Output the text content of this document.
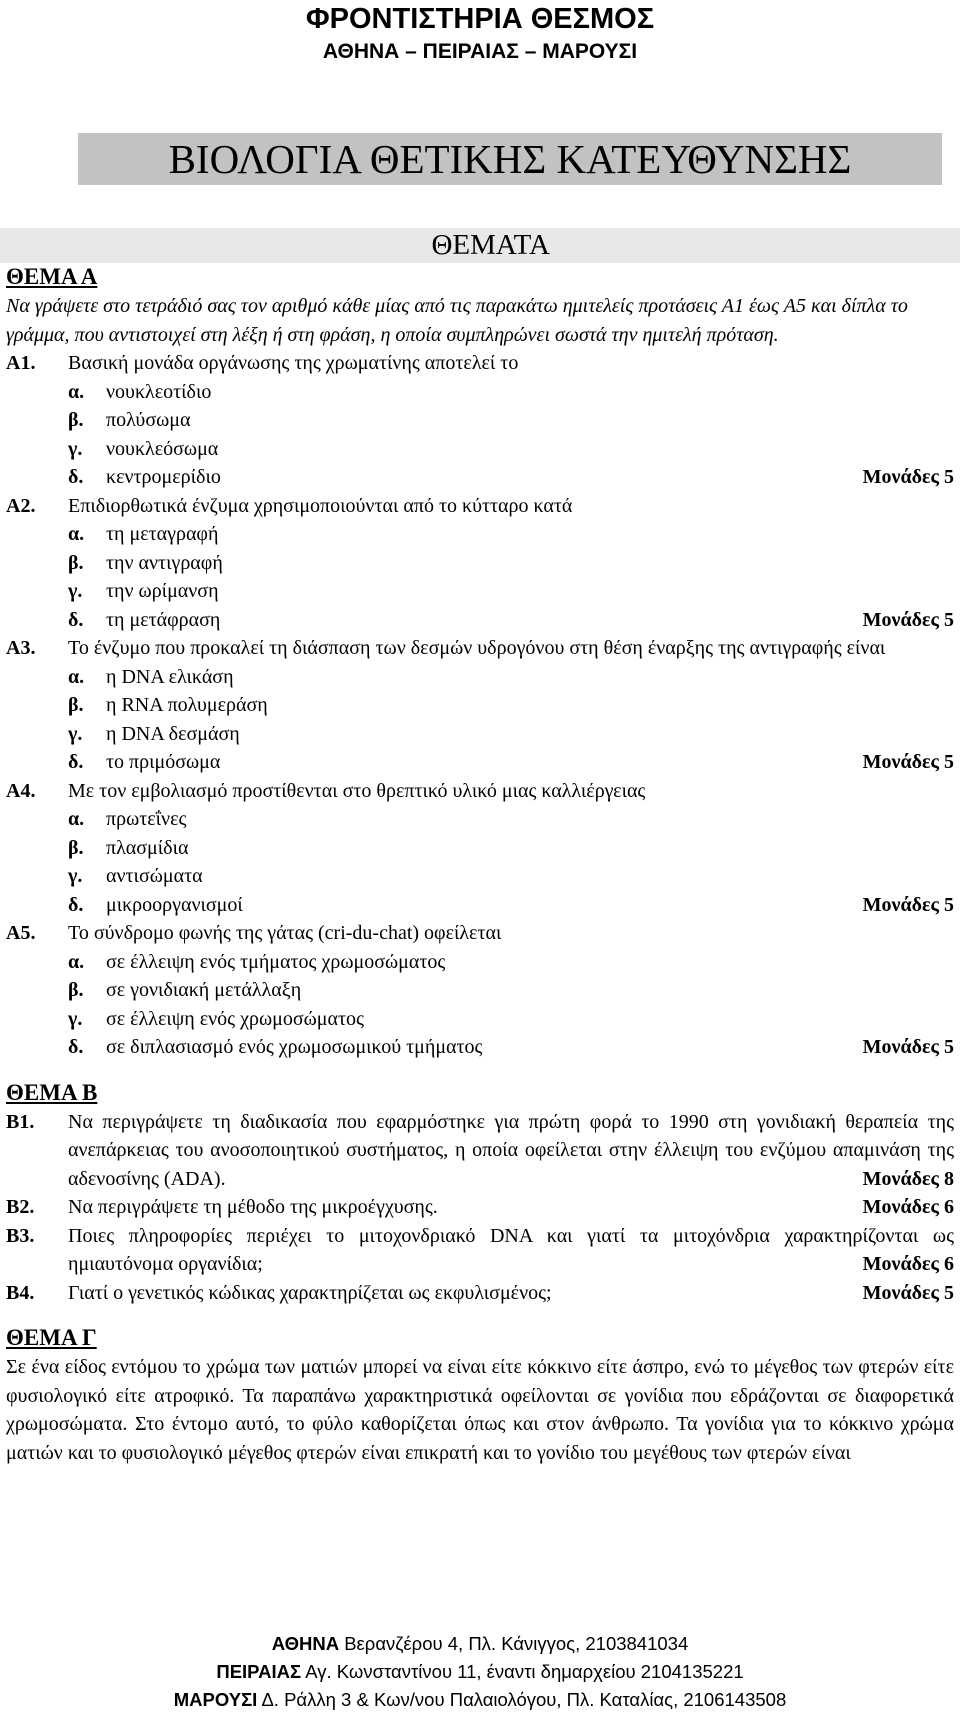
ΦΡΟΝΤΙΣΤΗΡΙΑ ΘΕΣΜΟΣ
ΑΘΗΝΑ – ΠΕΙΡΑΙΑΣ – ΜΑΡΟΥΣΙ
ΒΙΟΛΟΓΙΑ ΘΕΤΙΚΗΣ ΚΑΤΕΥΘΥΝΣΗΣ
ΘΕΜΑΤΑ
ΘΕΜΑ Α
Να γράψετε στο τετράδιό σας τον αριθμό κάθε μίας από τις παρακάτω ημιτελείς προτάσεις Α1 έως Α5 και δίπλα το γράμμα, που αντιστοιχεί στη λέξη ή στη φράση, η οποία συμπληρώνει σωστά την ημιτελή πρόταση.
Α1.	Βασική μονάδα οργάνωσης της χρωματίνης αποτελεί το
α.	νουκλεοτίδιο
β.	πολύσωμα
γ.	νουκλεόσωμα
δ.	κεντρομερίδιο	Μονάδες 5
Α2.	Επιδιορθωτικά ένζυμα χρησιμοποιούνται από το κύτταρο κατά
α.	τη μεταγραφή
β.	την αντιγραφή
γ.	την ωρίμανση
δ.	τη μετάφραση	Μονάδες 5
Α3.	Το ένζυμο που προκαλεί τη διάσπαση των δεσμών υδρογόνου στη θέση έναρξης της αντιγραφής είναι
α.	η DNA ελικάση
β.	η RNA πολυμεράση
γ.	η DNA δεσμάση
δ.	το πριμόσωμα	Μονάδες 5
Α4.	Με τον εμβολιασμό προστίθενται στο θρεπτικό υλικό μιας καλλιέργειας
α.	πρωτεΐνες
β.	πλασμίδια
γ.	αντισώματα
δ.	μικροοργανισμοί	Μονάδες 5
Α5.	Το σύνδρομο φωνής της γάτας (cri-du-chat) οφείλεται
α.	σε έλλειψη ενός τμήματος χρωμοσώματος
β.	σε γονιδιακή μετάλλαξη
γ.	σε έλλειψη ενός χρωμοσώματος
δ.	σε διπλασιασμό ενός χρωμοσωμικού τμήματος	Μονάδες 5
ΘΕΜΑ Β
Β1.	Να περιγράψετε τη διαδικασία που εφαρμόστηκε για πρώτη φορά το 1990 στη γονιδιακή θεραπεία της ανεπάρκειας του ανοσοποιητικού συστήματος, η οποία οφείλεται στην έλλειψη του ενζύμου απαμινάση της αδενοσίνης (ADA).	Μονάδες 8
Β2.	Να περιγράψετε τη μέθοδο της μικροέγχυσης.	Μονάδες 6
Β3.	Ποιες πληροφορίες περιέχει το μιτοχονδριακό DNA και γιατί τα μιτοχόνδρια χαρακτηρίζονται ως ημιαυτόνομα οργανίδια;	Μονάδες 6
Β4.	Γιατί ο γενετικός κώδικας χαρακτηρίζεται ως εκφυλισμένος;	Μονάδες 5
ΘΕΜΑ Γ
Σε ένα είδος εντόμου το χρώμα των ματιών μπορεί να είναι είτε κόκκινο είτε άσπρο, ενώ το μέγεθος των φτερών είτε φυσιολογικό είτε ατροφικό. Τα παραπάνω χαρακτηριστικά οφείλονται σε γονίδια που εδράζονται σε διαφορετικά χρωμοσώματα. Στο έντομο αυτό, το φύλο καθορίζεται όπως και στον άνθρωπο. Τα γονίδια για το κόκκινο χρώμα ματιών και το φυσιολογικό μέγεθος φτερών είναι επικρατή και το γονίδιο του μεγέθους των φτερών είναι
ΑΘΗΝΑ Βερανζέρου 4, Πλ. Κάνιγγος, 2103841034
ΠΕΙΡΑΙΑΣ Αγ. Κωνσταντίνου 11, έναντι δημαρχείου 2104135221
ΜΑΡΟΥΣΙ Δ. Ράλλη 3 & Κων/νου Παλαιολόγου, Πλ. Καταλίας, 2106143508
